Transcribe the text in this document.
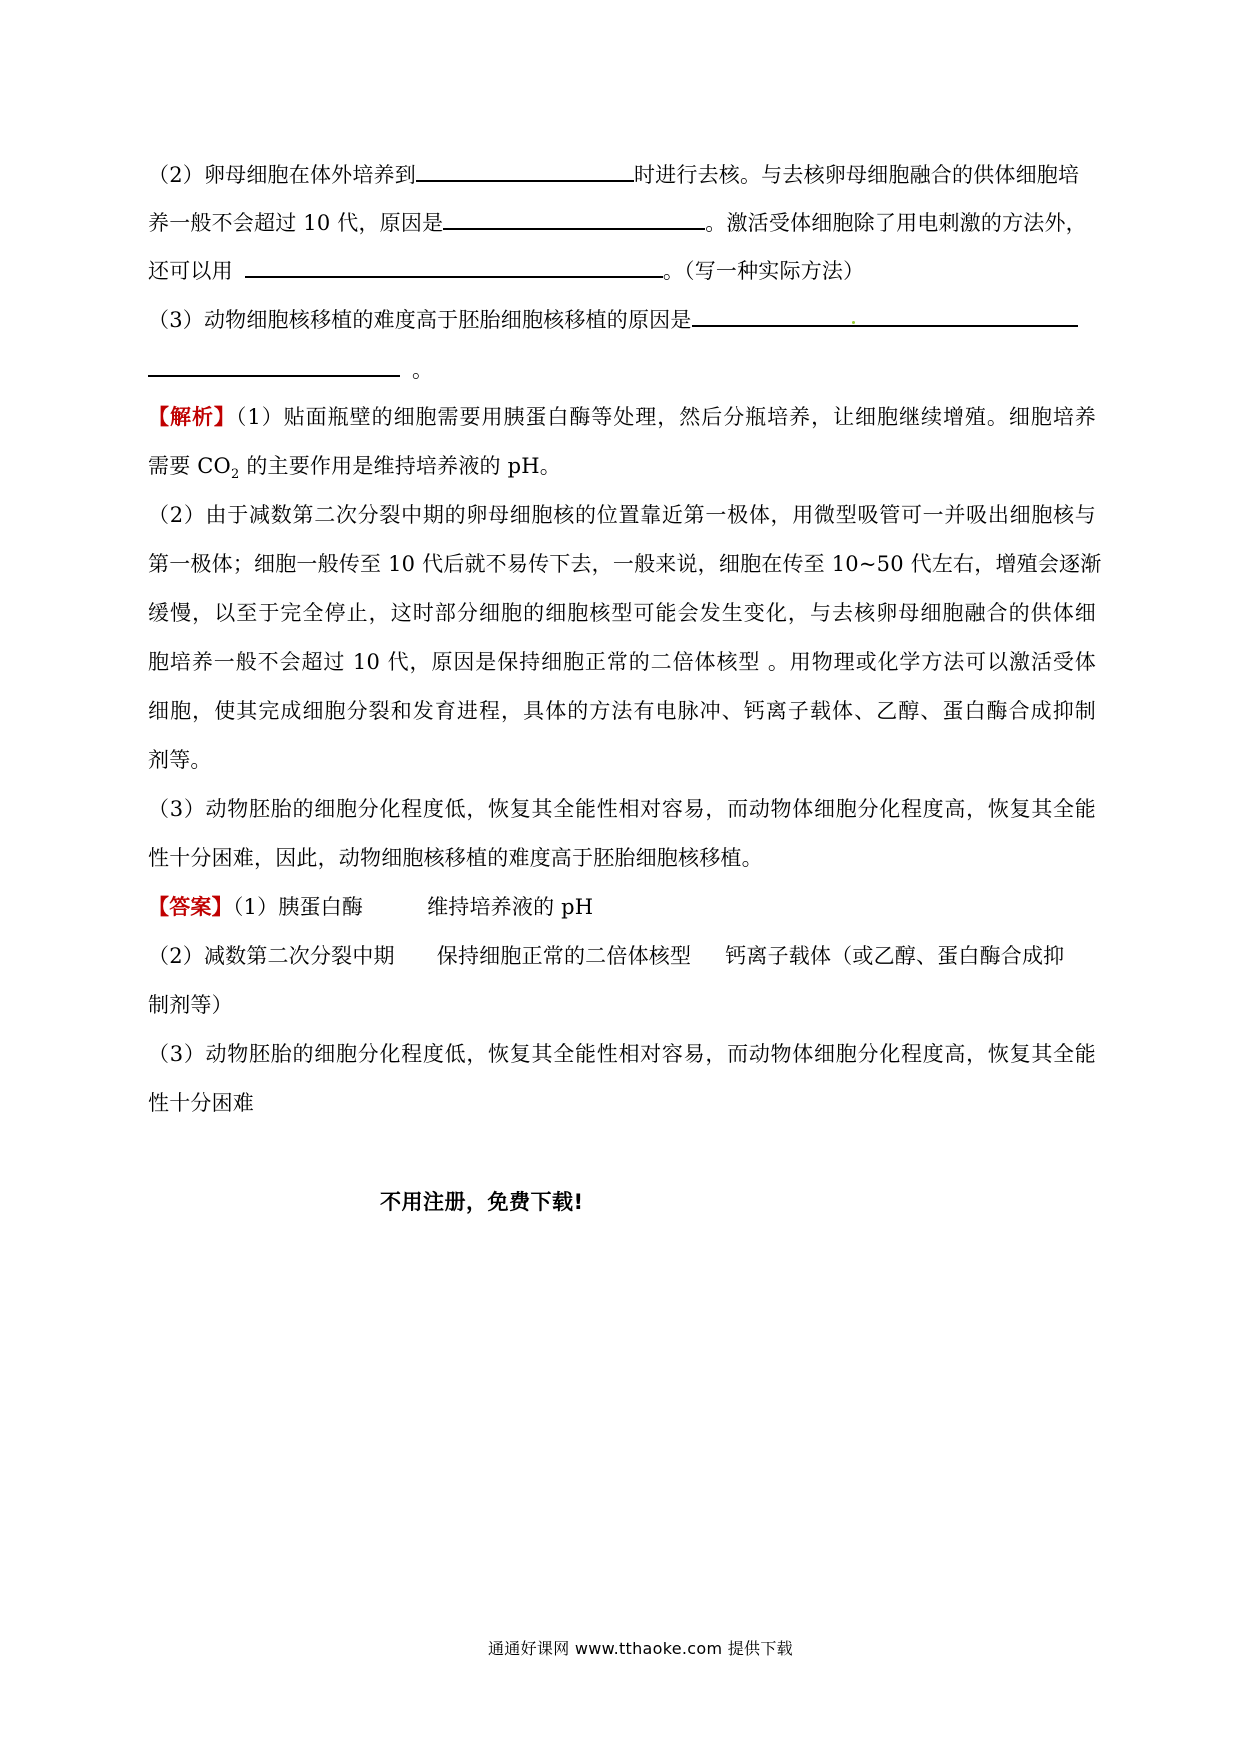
（2）卵母细胞在体外培养到	时进行去核。与去核卵母细胞融合的供体细胞培
养一般不会超过 10 代，原因是	。激活受体细胞除了用电刺激的方法外，
还可以用	。（写一种实际方法）
（3）动物细胞核移植的难度高于胚胎细胞核移植的原因是
。
【解析】（1）贴面瓶壁的细胞需要用胰蛋白酶等处理，然后分瓶培养，让细胞继续增殖。细胞培养
需要 $CO_2$ 的主要作用是维持培养液的 pH。
（2）由于减数第二次分裂中期的卵母细胞核的位置靠近第一极体，用微型吸管可一并吸出细胞核与
第一极体；细胞一般传至 10 代后就不易传下去，一般来说，细胞在传至 10~50 代左右，增殖会逐渐
缓慢，以至于完全停止，这时部分细胞的细胞核型可能会发生变化，与去核卵母细胞融合的供体细
胞培养一般不会超过 10 代，原因是保持细胞正常的二倍体核型 。用物理或化学方法可以激活受体
细胞，使其完成细胞分裂和发育进程，具体的方法有电脉冲、钙离子载体、乙醇、蛋白酶合成抑制
剂等。
（3）动物胚胎的细胞分化程度低，恢复其全能性相对容易，而动物体细胞分化程度高，恢复其全能
性十分困难，因此，动物细胞核移植的难度高于胚胎细胞核移植。
【答案】（1）胰蛋白酶	维持培养液的 pH
（2）减数第二次分裂中期 保持细胞正常的二倍体核型 钙离子载体（或乙醇、蛋白酶合成抑
制剂等）
（3）动物胚胎的细胞分化程度低，恢复其全能性相对容易，而动物体细胞分化程度高，恢复其全能
性十分困难
不用注册，免费下载!
通通好课网 www.tthaoke.com 提供下载
